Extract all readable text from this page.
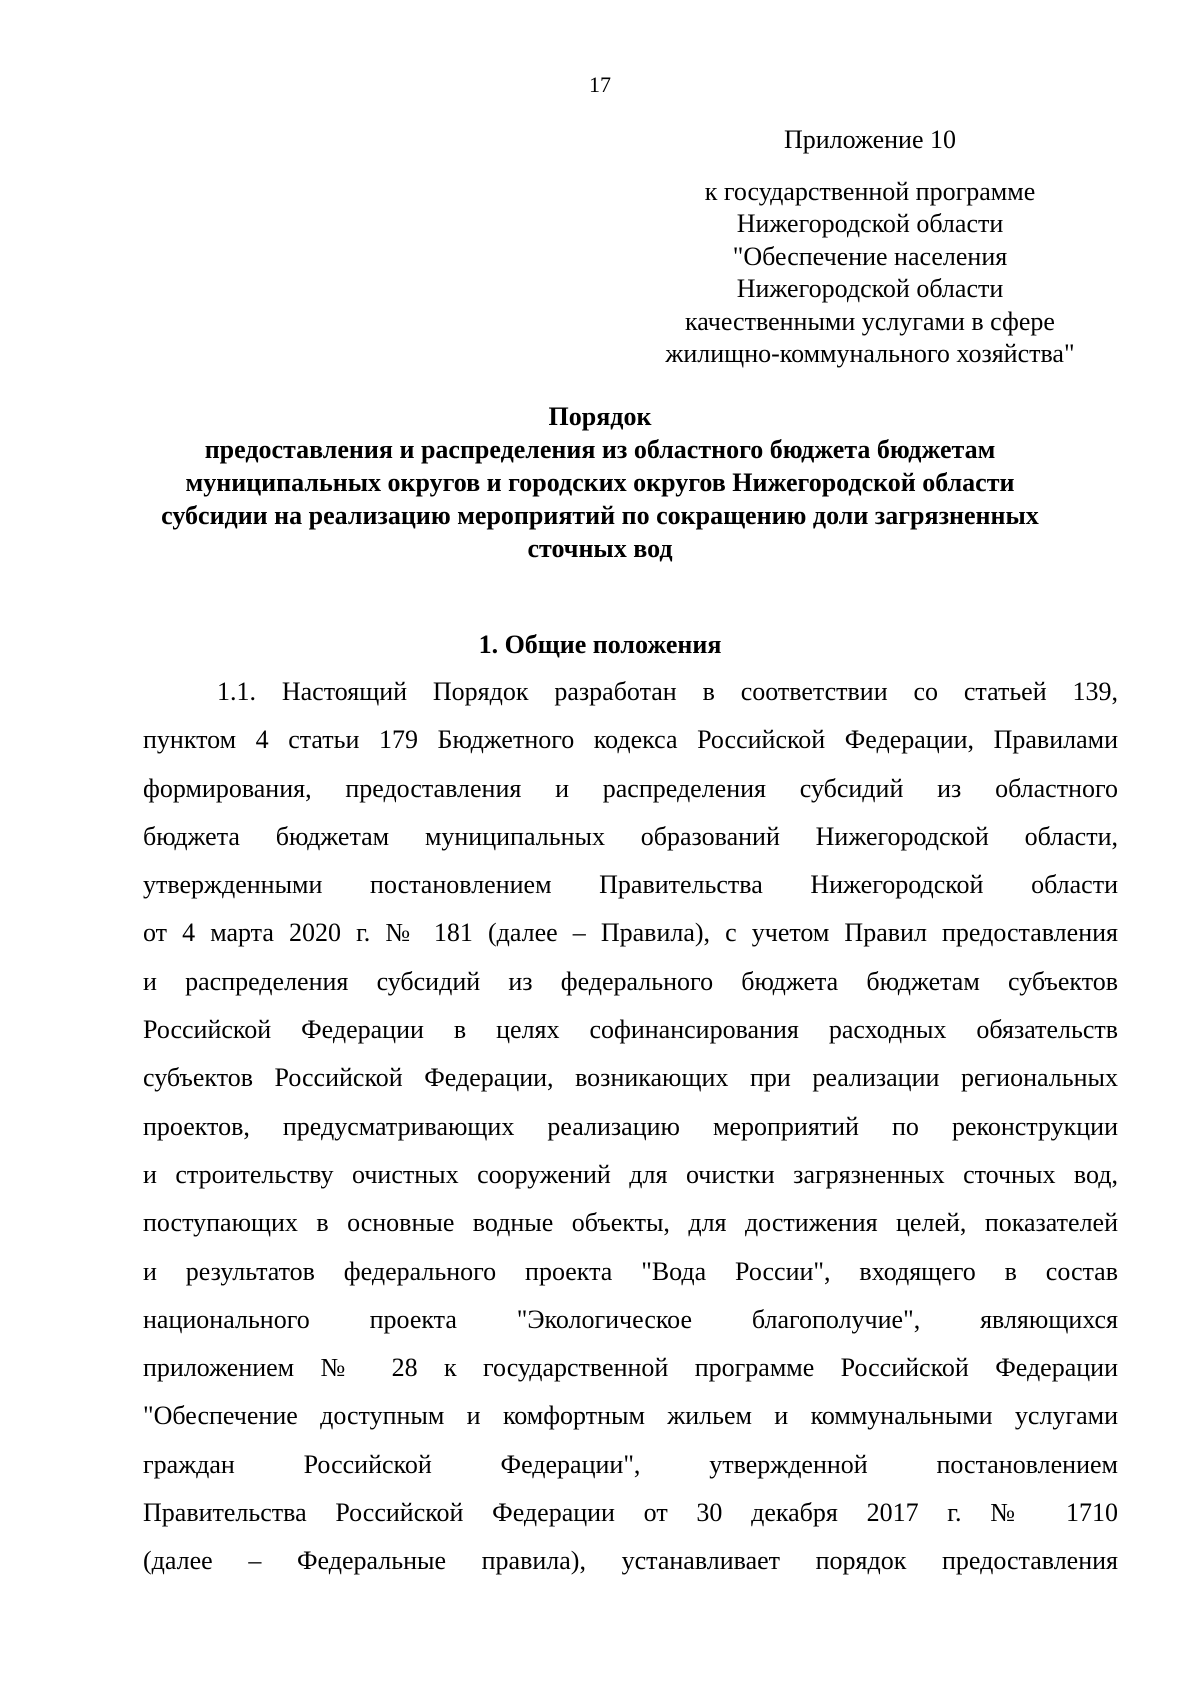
17
Приложение 10
к государственной программе
Нижегородской области
"Обеспечение населения
Нижегородской области
качественными услугами в сфере
жилищно-коммунального хозяйства"
Порядок
предоставления и распределения из областного бюджета бюджетам
муниципальных округов и городских округов Нижегородской области
субсидии на реализацию мероприятий по сокращению доли загрязненных
сточных вод
1. Общие положения
1.1. Настоящий Порядок разработан в соответствии со статьей 139,
пунктом 4 статьи 179 Бюджетного кодекса Российской Федерации, Правилами
формирования, предоставления и распределения субсидий из областного
бюджета бюджетам муниципальных образований Нижегородской области,
утвержденными постановлением Правительства Нижегородской области
от 4 марта 2020 г. № 181 (далее – Правила), с учетом Правил предоставления
и распределения субсидий из федерального бюджета бюджетам субъектов
Российской Федерации в целях софинансирования расходных обязательств
субъектов Российской Федерации, возникающих при реализации региональных
проектов, предусматривающих реализацию мероприятий по реконструкции
и строительству очистных сооружений для очистки загрязненных сточных вод,
поступающих в основные водные объекты, для достижения целей, показателей
и результатов федерального проекта "Вода России", входящего в состав
национального проекта "Экологическое благополучие", являющихся
приложением № 28 к государственной программе Российской Федерации
"Обеспечение доступным и комфортным жильем и коммунальными услугами
граждан Российской Федерации", утвержденной постановлением
Правительства Российской Федерации от 30 декабря 2017 г. № 1710
(далее – Федеральные правила), устанавливает порядок предоставления
